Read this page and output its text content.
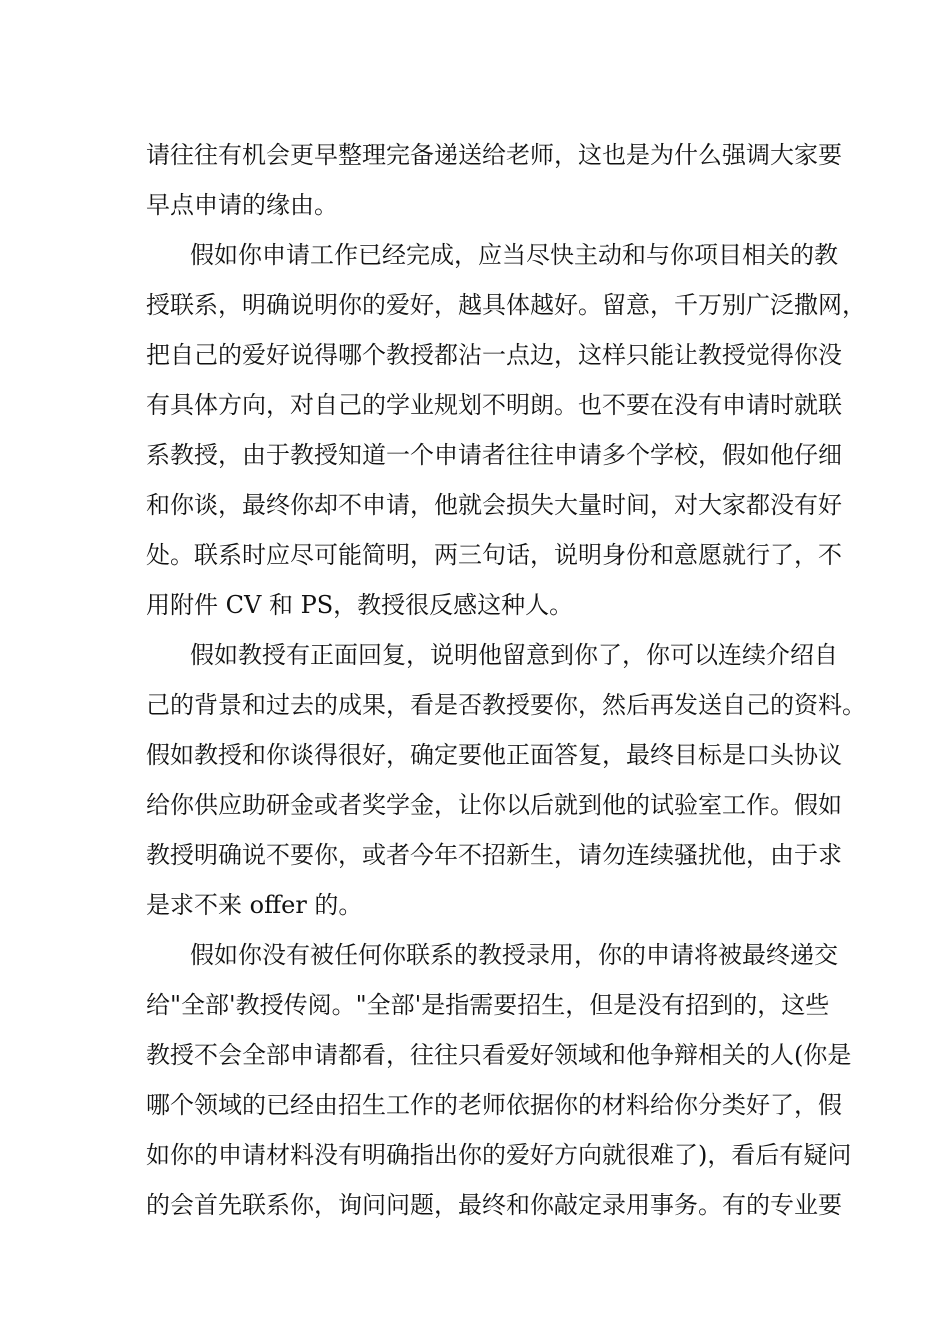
请往往有机会更早整理完备递送给老师，这也是为什么强调大家要
早点申请的缘由。
假如你申请工作已经完成，应当尽快主动和与你项目相关的教
授联系，明确说明你的爱好，越具体越好。留意，千万别广泛撒网，
把自己的爱好说得哪个教授都沾一点边，这样只能让教授觉得你没
有具体方向，对自己的学业规划不明朗。也不要在没有申请时就联
系教授，由于教授知道一个申请者往往申请多个学校，假如他仔细
和你谈，最终你却不申请，他就会损失大量时间，对大家都没有好
处。联系时应尽可能简明，两三句话，说明身份和意愿就行了，不
用附件 CV 和 PS，教授很反感这种人。
假如教授有正面回复，说明他留意到你了，你可以连续介绍自
己的背景和过去的成果，看是否教授要你，然后再发送自己的资料。
假如教授和你谈得很好，确定要他正面答复，最终目标是口头协议
给你供应助研金或者奖学金，让你以后就到他的试验室工作。假如
教授明确说不要你，或者今年不招新生，请勿连续骚扰他，由于求
是求不来 offer 的。
假如你没有被任何你联系的教授录用，你的申请将被最终递交
给"全部'教授传阅。"全部'是指需要招生，但是没有招到的，这些
教授不会全部申请都看，往往只看爱好领域和他争辩相关的人(你是
哪个领域的已经由招生工作的老师依据你的材料给你分类好了，假
如你的申请材料没有明确指出你的爱好方向就很难了)，看后有疑问
的会首先联系你，询问问题，最终和你敲定录用事务。有的专业要
